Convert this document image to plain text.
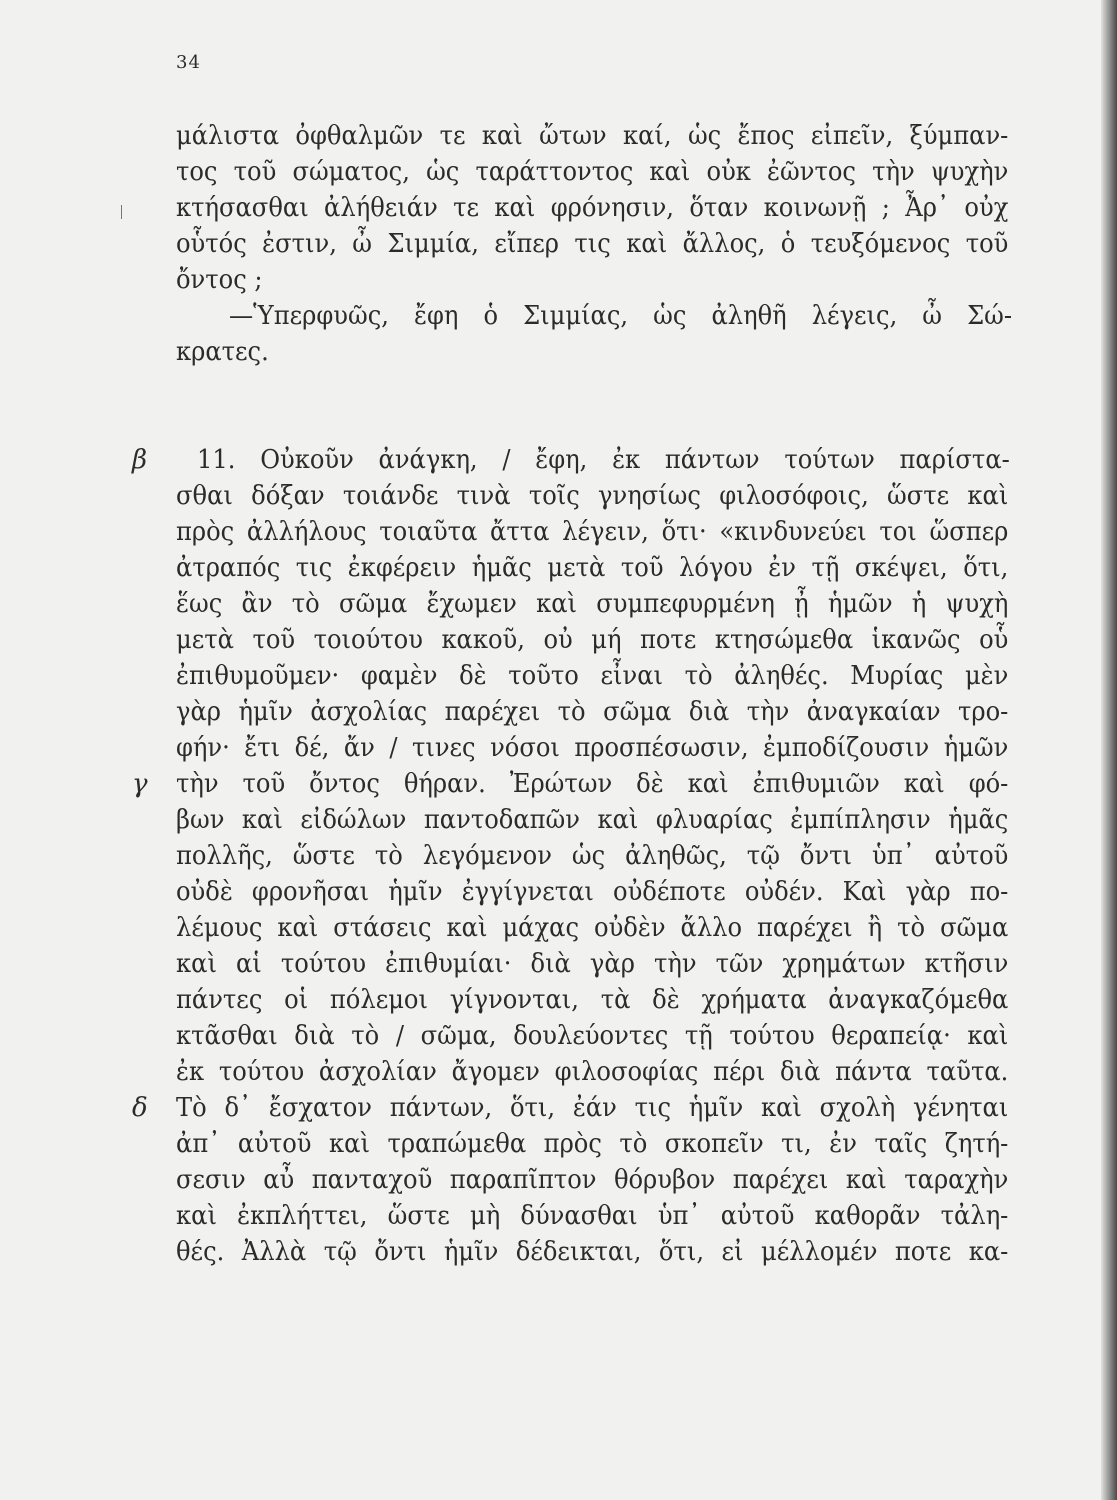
34
β
γ
δ
μάλιστα ὀφθαλμῶν τε καὶ ὤτων καί, ὡς ἔπος εἰπεῖν, ξύμπαν-
τος τοῦ σώματος, ὡς ταράττοντος καὶ οὐκ ἐῶντος τὴν ψυχὴν
κτήσασθαι ἀλήθειάν τε καὶ φρόνησιν, ὅταν κοινωνῇ ; Ἆρ᾽ οὐχ
οὗτός ἐστιν, ὦ Σιμμία, εἴπερ τις καὶ ἄλλος, ὁ τευξόμενος τοῦ
ὄντος ;
—Ὑπερφυῶς, ἔφη ὁ Σιμμίας, ὡς ἀληθῆ λέγεις, ὦ Σώ-
κρατες.
11. Οὐκοῦν ἀνάγκη, / ἔφη, ἐκ πάντων τούτων παρίστα-
σθαι δόξαν τοιάνδε τινὰ τοῖς γνησίως φιλοσόφοις, ὥστε καὶ
πρὸς ἀλλήλους τοιαῦτα ἄττα λέγειν, ὅτι· «κινδυνεύει τοι ὥσπερ
ἀτραπός τις ἐκφέρειν ἡμᾶς μετὰ τοῦ λόγου ἐν τῇ σκέψει, ὅτι,
ἕως ἂν τὸ σῶμα ἔχωμεν καὶ συμπεφυρμένη ᾖ ἡμῶν ἡ ψυχὴ
μετὰ τοῦ τοιούτου κακοῦ, οὐ μή ποτε κτησώμεθα ἱκανῶς οὗ
ἐπιθυμοῦμεν· φαμὲν δὲ τοῦτο εἶναι τὸ ἀληθές. Μυρίας μὲν
γὰρ ἡμῖν ἀσχολίας παρέχει τὸ σῶμα διὰ τὴν ἀναγκαίαν τρο-
φήν· ἔτι δέ, ἄν / τινες νόσοι προσπέσωσιν, ἐμποδίζουσιν ἡμῶν
τὴν τοῦ ὄντος θήραν. Ἐρώτων δὲ καὶ ἐπιθυμιῶν καὶ φό-
βων καὶ εἰδώλων παντοδαπῶν καὶ φλυαρίας ἐμπίπλησιν ἡμᾶς
πολλῆς, ὥστε τὸ λεγόμενον ὡς ἀληθῶς, τῷ ὄντι ὑπ᾽ αὐτοῦ
οὐδὲ φρονῆσαι ἡμῖν ἐγγίγνεται οὐδέποτε οὐδέν. Καὶ γὰρ πο-
λέμους καὶ στάσεις καὶ μάχας οὐδὲν ἄλλο παρέχει ἢ τὸ σῶμα
καὶ αἱ τούτου ἐπιθυμίαι· διὰ γὰρ τὴν τῶν χρημάτων κτῆσιν
πάντες οἱ πόλεμοι γίγνονται, τὰ δὲ χρήματα ἀναγκαζόμεθα
κτᾶσθαι διὰ τὸ / σῶμα, δουλεύοντες τῇ τούτου θεραπείᾳ· καὶ
ἐκ τούτου ἀσχολίαν ἄγομεν φιλοσοφίας πέρι διὰ πάντα ταῦτα.
Τὸ δ᾽ ἔσχατον πάντων, ὅτι, ἐάν τις ἡμῖν καὶ σχολὴ γένηται
ἀπ᾽ αὐτοῦ καὶ τραπώμεθα πρὸς τὸ σκοπεῖν τι, ἐν ταῖς ζητή-
σεσιν αὖ πανταχοῦ παραπῖπτον θόρυβον παρέχει καὶ ταραχὴν
καὶ ἐκπλήττει, ὥστε μὴ δύνασθαι ὑπ᾽ αὐτοῦ καθορᾶν τἀλη-
θές. Ἀλλὰ τῷ ὄντι ἡμῖν δέδεικται, ὅτι, εἰ μέλλομέν ποτε κα-
